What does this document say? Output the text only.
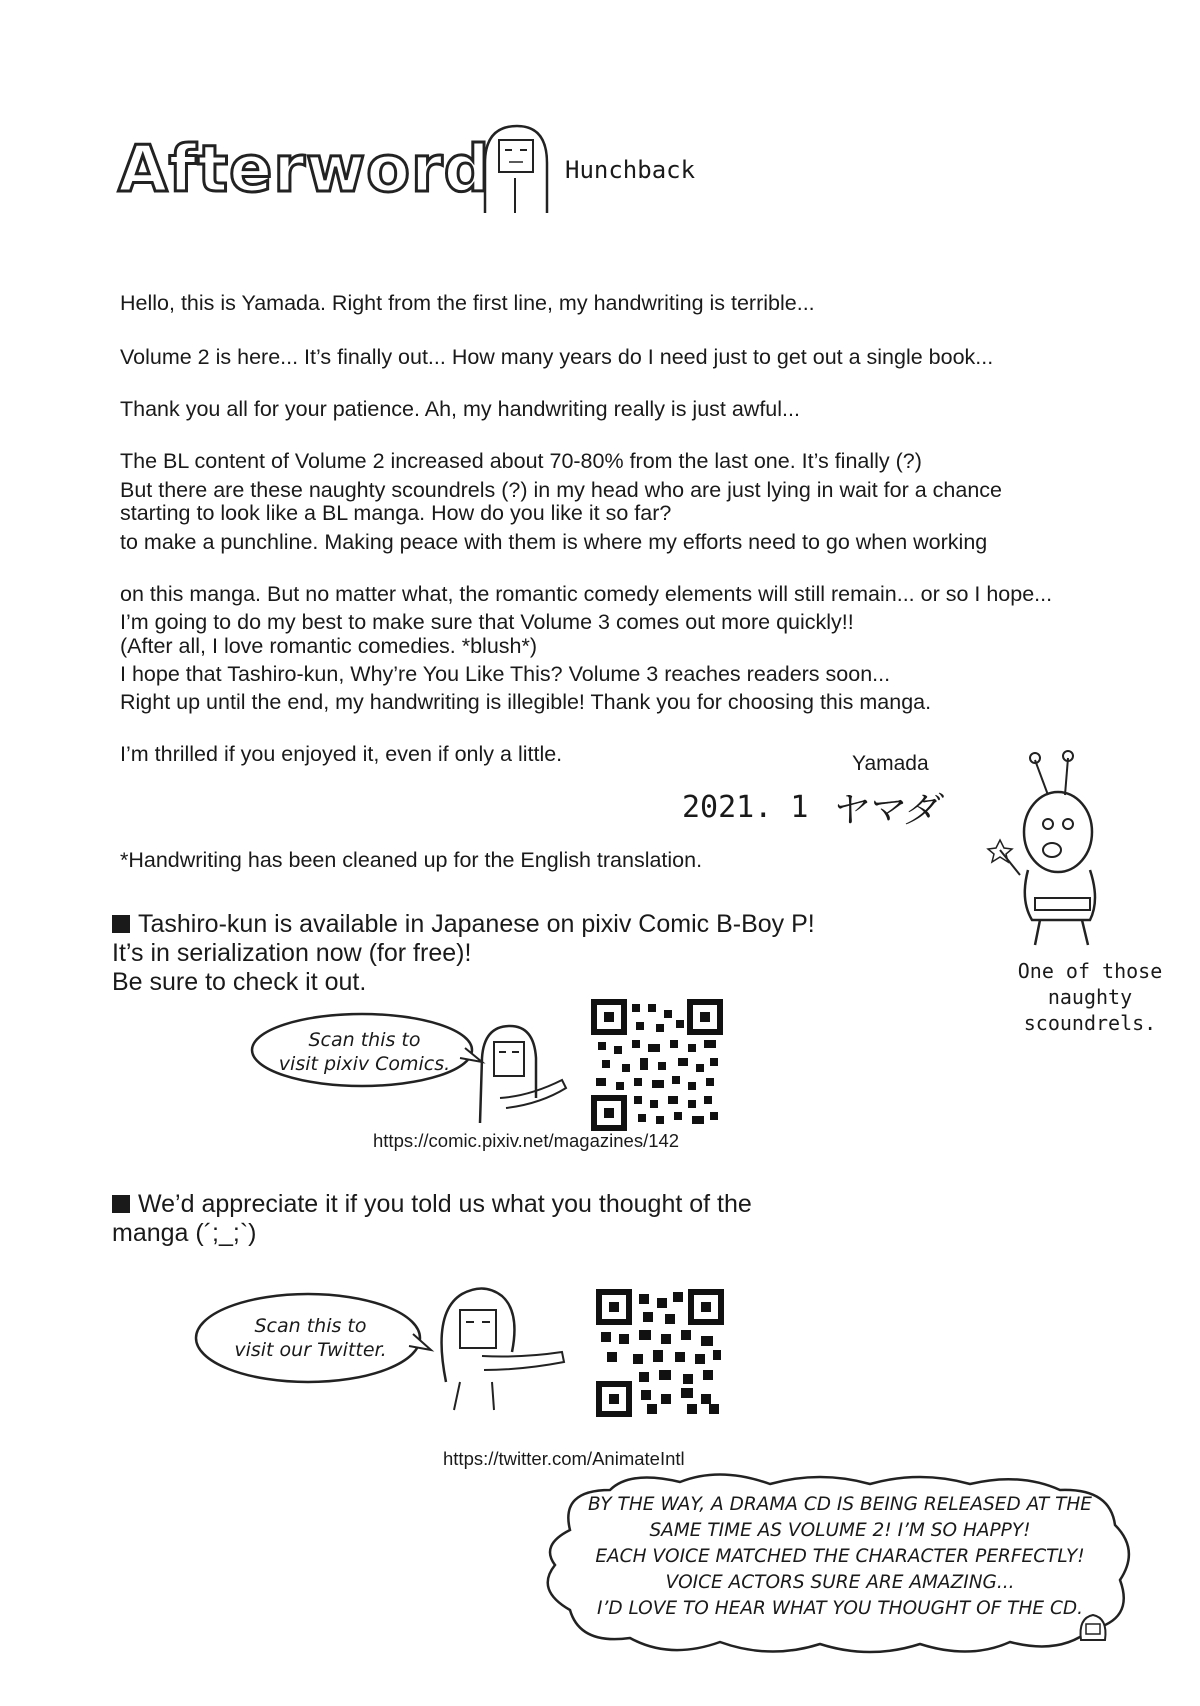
Afterword	Hunchback

Hello, this is Yamada. Right from the first line, my handwriting is terrible...

Volume 2 is here... It’s finally out... How many years do I need just to get out a single book...

Thank you all for your patience. Ah, my handwriting really is just awful...

The BL content of Volume 2 increased about 70-80% from the last one. It’s finally (?)

starting to look like a BL manga. How do you like it so far?

But there are these naughty scoundrels (?) in my head who are just lying in wait for a chance

to make a punchline. Making peace with them is where my efforts need to go when working

on this manga. But no matter what, the romantic comedy elements will still remain... or so I hope...

(After all, I love romantic comedies. *blush*)

I’m going to do my best to make sure that Volume 3 comes out more quickly!!

I hope that Tashiro-kun, Why’re You Like This? Volume 3 reaches readers soon...

Right up until the end, my handwriting is illegible! Thank you for choosing this manga.

I’m thrilled if you enjoyed it, even if only a little.	Yamada
2021. 1 ヤマダ
*Handwriting has been cleaned up for the English translation.
One of those
naughty
scoundrels.
Tashiro-kun is available in Japanese on pixiv Comic B-Boy P!
It’s in serialization now (for free)!
Be sure to check it out.
Scan this to
visit pixiv Comics.
https://comic.pixiv.net/magazines/142
We’d appreciate it if you told us what you thought of the
manga (´;_;`)
Scan this to
visit our Twitter.
https://twitter.com/AnimateIntl
BY THE WAY, A DRAMA CD IS BEING RELEASED AT THE
SAME TIME AS VOLUME 2! I’M SO HAPPY!
EACH VOICE MATCHED THE CHARACTER PERFECTLY!
VOICE ACTORS SURE ARE AMAZING...
I’D LOVE TO HEAR WHAT YOU THOUGHT OF THE CD.
